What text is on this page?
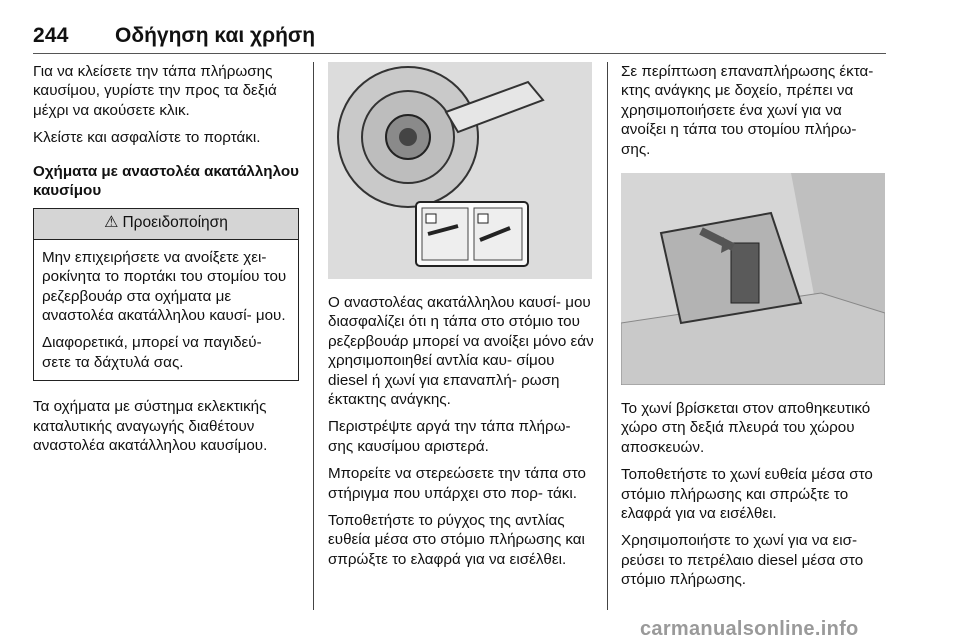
244 Οδήγηση και χρήση

Για να κλείσετε την τάπα πλήρωσης καυσίμου, γυρίστε την προς τα δεξιά μέχρι να ακούσετε κλικ.

Κλείστε και ασφαλίστε το πορτάκι.

Οχήματα με αναστολέα ακατάλληλου καυσίμου

⚠ Προειδοποίηση

Μην επιχειρήσετε να ανοίξετε χει- ροκίνητα το πορτάκι του στομίου του ρεζερβουάρ στα οχήματα με αναστολέα ακατάλληλου καυσί- μου.

Διαφορετικά, μπορεί να παγιδεύ- σετε τα δάχτυλά σας.

Τα οχήματα με σύστημα εκλεκτικής καταλυτικής αναγωγής διαθέτουν αναστολέα ακατάλληλου καυσίμου.

Ο αναστολέας ακατάλληλου καυσί- μου διασφαλίζει ότι η τάπα στο στόμιο του ρεζερβουάρ μπορεί να ανοίξει μόνο εάν χρησιμοποιηθεί αντλία καυ- σίμου diesel ή χωνί για επαναπλή- ρωση έκτακτης ανάγκης.

Περιστρέψτε αργά την τάπα πλήρω- σης καυσίμου αριστερά.

Μπορείτε να στερεώσετε την τάπα στο στήριγμα που υπάρχει στο πορ- τάκι.

Τοποθετήστε το ρύγχος της αντλίας ευθεία μέσα στο στόμιο πλήρωσης και σπρώξτε το ελαφρά για να εισέλθει.

Σε περίπτωση επαναπλήρωσης έκτα- κτης ανάγκης με δοχείο, πρέπει να χρησιμοποιήσετε ένα χωνί για να ανοίξει η τάπα του στομίου πλήρω- σης.

Το χωνί βρίσκεται στον αποθηκευτικό χώρο στη δεξιά πλευρά του χώρου αποσκευών.

Τοποθετήστε το χωνί ευθεία μέσα στο στόμιο πλήρωσης και σπρώξτε το ελαφρά για να εισέλθει.

Χρησιμοποιήστε το χωνί για να εισ- ρεύσει το πετρέλαιο diesel μέσα στο στόμιο πλήρωσης.

carmanualsonline.info
